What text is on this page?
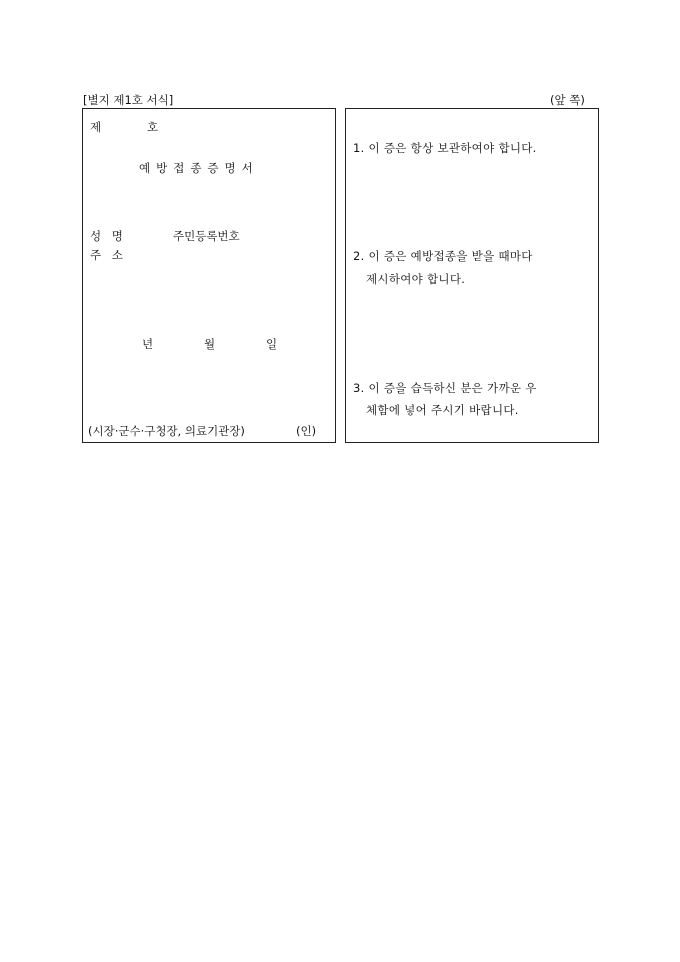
[별지 제1호 서식]	(앞 쪽)
제	호
예방접종증명서
성 명	주민등록번호
주 소
년	월	일
(시장·군수·구청장, 의료기관장)	(인)
1. 이 증은 항상 보관하여야 합니다.
2. 이 증은 예방접종을 받을 때마다
제시하여야 합니다.
3. 이 증을 습득하신 분은 가까운 우
체함에 넣어 주시기 바랍니다.
